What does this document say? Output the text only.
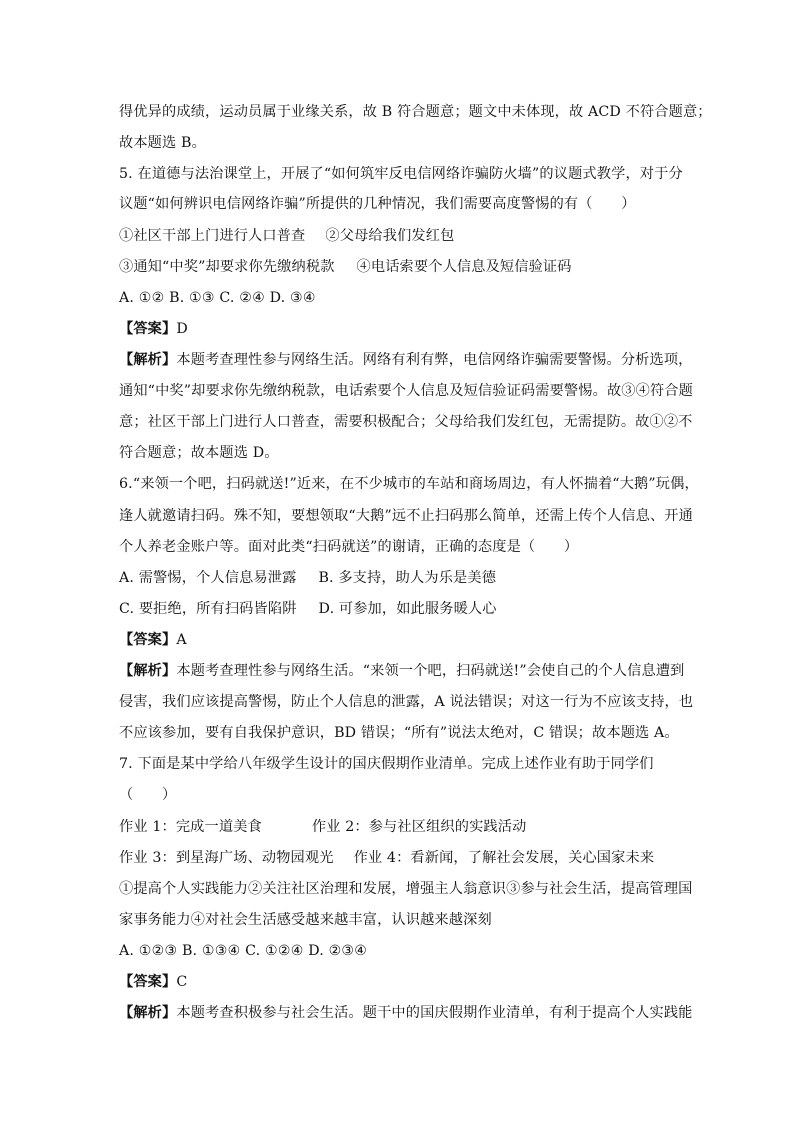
得优异的成绩，运动员属于业缘关系，故 B 符合题意；题文中未体现，故 ACD 不符合题意；
故本题选 B。
5. 在道德与法治课堂上，开展了“如何筑牢反电信网络诈骗防火墙”的议题式教学，对于分
议题“如何辨识电信网络诈骗”所提供的几种情况，我们需要高度警惕的有（　　）
①社区干部上门进行人口普查 ②父母给我们发红包
③通知“中奖”却要求你先缴纳税款 ④电话索要个人信息及短信验证码
A. ①② B. ①③ C. ②④ D. ③④
【答案】D
【解析】本题考查理性参与网络生活。网络有利有弊，电信网络诈骗需要警惕。分析选项，
通知“中奖”却要求你先缴纳税款，电话索要个人信息及短信验证码需要警惕。故③④符合题
意；社区干部上门进行人口普查，需要积极配合；父母给我们发红包，无需提防。故①②不
符合题意；故本题选 D。
6.“来领一个吧，扫码就送!”近来，在不少城市的车站和商场周边，有人怀揣着“大鹅”玩偶，
逢人就邀请扫码。殊不知，要想领取“大鹅”远不止扫码那么简单，还需上传个人信息、开通
个人养老金账户等。面对此类“扫码就送”的谢请，正确的态度是（　　）
A. 需警惕，个人信息易泄露 B. 多支持，助人为乐是美德
C. 要拒绝，所有扫码皆陷阱 D. 可参加，如此服务暖人心
【答案】A
【解析】本题考查理性参与网络生活。“来领一个吧，扫码就送!”会使自己的个人信息遭到
侵害，我们应该提高警惕，防止个人信息的泄露，A 说法错误；对这一行为不应该支持，也
不应该参加，要有自我保护意识，BD 错误；“所有”说法太绝对，C 错误；故本题选 A。
7. 下面是某中学给八年级学生设计的国庆假期作业清单。完成上述作业有助于同学们
（　　）
作业 1：完成一道美食	作业 2：参与社区组织的实践活动
作业 3：到星海广场、动物园观光 作业 4：看新闻，了解社会发展，关心国家未来
①提高个人实践能力②关注社区治理和发展，增强主人翁意识③参与社会生活，提高管理国
家事务能力④对社会生活感受越来越丰富，认识越来越深刻
A. ①②③ B. ①③④ C. ①②④ D. ②③④
【答案】C
【解析】本题考查积极参与社会生活。题干中的国庆假期作业清单，有利于提高个人实践能
